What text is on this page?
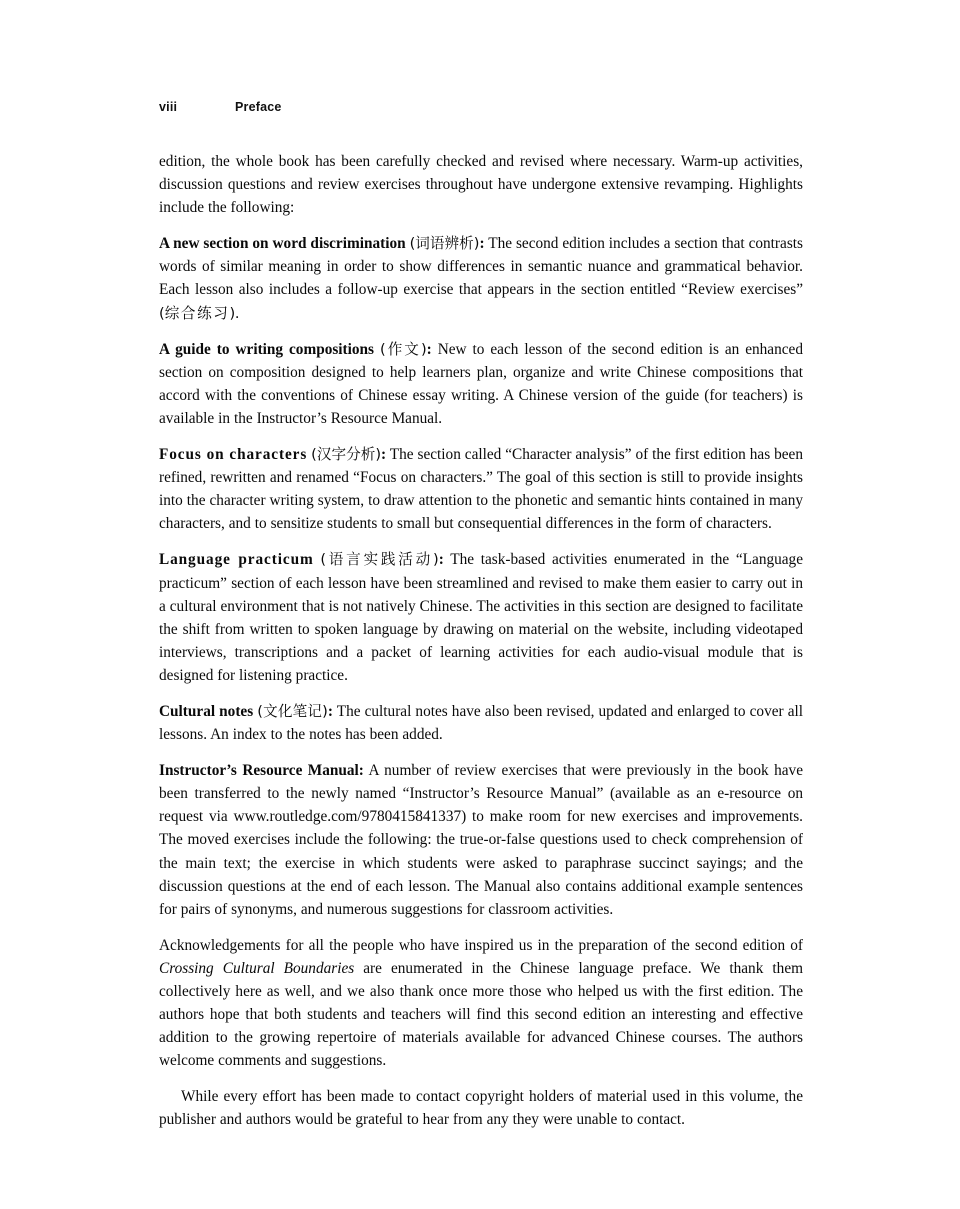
viii	Preface

edition, the whole book has been carefully checked and revised where necessary. Warm-up activities, discussion questions and review exercises throughout have undergone extensive revamping. Highlights include the following:

A new section on word discrimination (词语辨析): The second edition includes a section that contrasts words of similar meaning in order to show differences in semantic nuance and grammatical behavior. Each lesson also includes a follow-up exercise that appears in the section entitled “Review exercises” (综合练习).

A guide to writing compositions (作文): New to each lesson of the second edition is an enhanced section on composition designed to help learners plan, organize and write Chinese compositions that accord with the conventions of Chinese essay writing. A Chinese version of the guide (for teachers) is available in the Instructor’s Resource Manual.

Focus on characters (汉字分析): The section called “Character analysis” of the first edition has been refined, rewritten and renamed “Focus on characters.” The goal of this section is still to provide insights into the character writing system, to draw attention to the phonetic and semantic hints contained in many characters, and to sensitize students to small but consequential differences in the form of characters.

Language practicum (语言实践活动): The task-based activities enumerated in the “Language practicum” section of each lesson have been streamlined and revised to make them easier to carry out in a cultural environment that is not natively Chinese. The activities in this section are designed to facilitate the shift from written to spoken language by drawing on material on the website, including videotaped interviews, transcriptions and a packet of learning activities for each audio-visual module that is designed for listening practice.

Cultural notes (文化笔记): The cultural notes have also been revised, updated and enlarged to cover all lessons. An index to the notes has been added.

Instructor’s Resource Manual: A number of review exercises that were previously in the book have been transferred to the newly named “Instructor’s Resource Manual” (available as an e-resource on request via www.routledge.com/9780415841337) to make room for new exercises and improvements. The moved exercises include the following: the true-or-false questions used to check comprehension of the main text; the exercise in which students were asked to paraphrase succinct sayings; and the discussion questions at the end of each lesson. The Manual also contains additional example sentences for pairs of synonyms, and numerous suggestions for classroom activities.

Acknowledgements for all the people who have inspired us in the preparation of the second edition of Crossing Cultural Boundaries are enumerated in the Chinese language preface. We thank them collectively here as well, and we also thank once more those who helped us with the first edition. The authors hope that both students and teachers will find this second edition an interesting and effective addition to the growing repertoire of materials available for advanced Chinese courses. The authors welcome comments and suggestions.

While every effort has been made to contact copyright holders of material used in this volume, the publisher and authors would be grateful to hear from any they were unable to contact.
